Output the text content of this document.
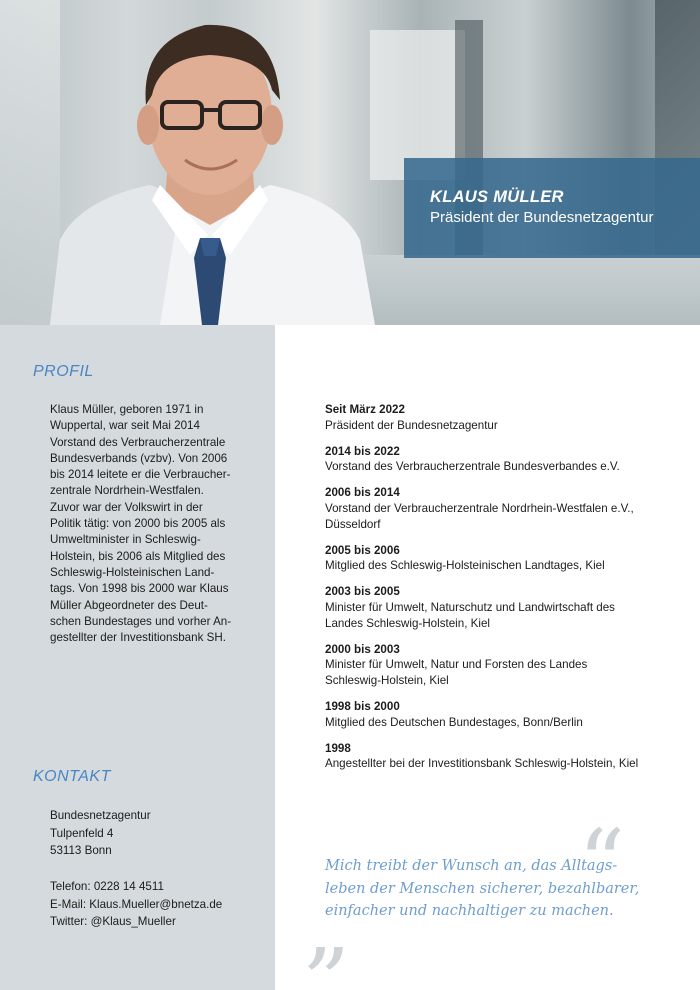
KLAUS MÜLLER
Präsident der Bundesnetzagentur
PROFIL

Klaus Müller, geboren 1971 in

Wuppertal, war seit Mai 2014

Vorstand des Verbraucherzentrale

Bundesverbands (vzbv). Von 2006

bis 2014 leitete er die Verbraucher-

zentrale Nordrhein-Westfalen.

Zuvor war der Volkswirt in der

Politik tätig: von 2000 bis 2005 als

Umweltminister in Schleswig-

Holstein, bis 2006 als Mitglied des

Schleswig-Holsteinischen Land-

tags. Von 1998 bis 2000 war Klaus

Müller Abgeordneter des Deut-

schen Bundestages und vorher An-

gestellter der Investitionsbank SH.

KONTAKT
Bundesnetzagentur
Tulpenfeld 4
53113 Bonn
Telefon: 0228 14 4511
E-Mail: Klaus.Mueller@bnetza.de
Twitter: @Klaus_Mueller
Seit März 2022
Präsident der Bundesnetzagentur
2014 bis 2022
Vorstand des Verbraucherzentrale Bundesverbandes e.V.
2006 bis 2014
Vorstand der Verbraucherzentrale Nordrhein-Westfalen e.V.,
Düsseldorf
2005 bis 2006
Mitglied des Schleswig-Holsteinischen Landtages, Kiel
2003 bis 2005
Minister für Umwelt, Naturschutz und Landwirtschaft des
Landes Schleswig-Holstein, Kiel
2000 bis 2003
Minister für Umwelt, Natur und Forsten des Landes
Schleswig-Holstein, Kiel
1998 bis 2000
Mitglied des Deutschen Bundestages, Bonn/Berlin
1998
Angestellter bei der Investitionsbank Schleswig-Holstein, Kiel
“
„
Mich treibt der Wunsch an, das Alltags-
leben der Menschen sicherer, bezahlbarer,
einfacher und nachhaltiger zu machen.
